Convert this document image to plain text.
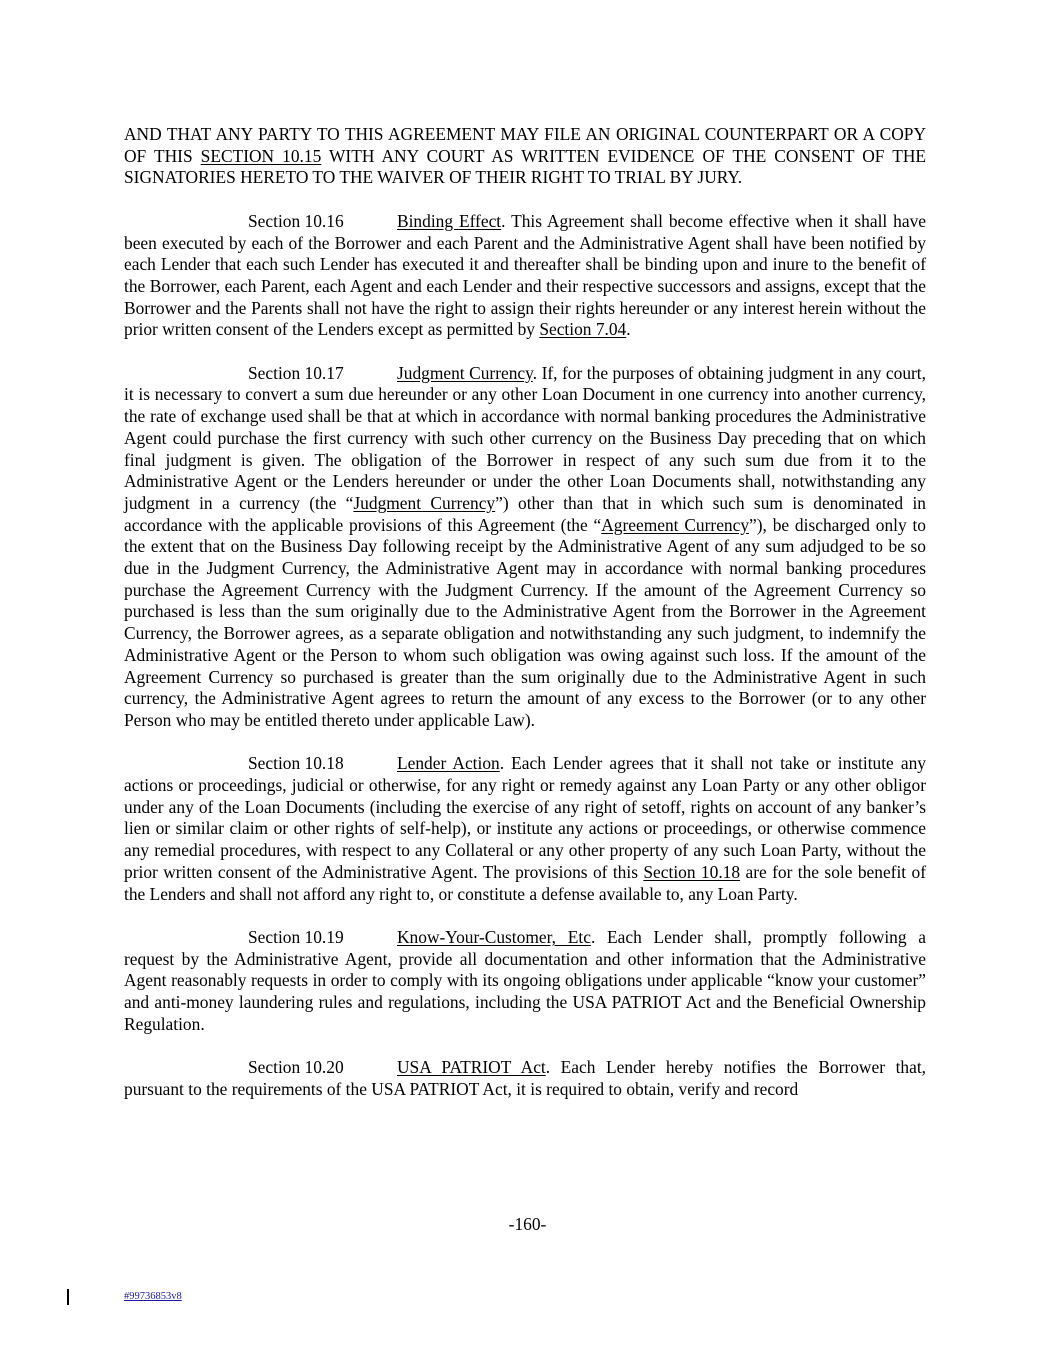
AND THAT ANY PARTY TO THIS AGREEMENT MAY FILE AN ORIGINAL COUNTERPART OR A COPY OF THIS SECTION 10.15 WITH ANY COURT AS WRITTEN EVIDENCE OF THE CONSENT OF THE SIGNATORIES HERETO TO THE WAIVER OF THEIR RIGHT TO TRIAL BY JURY.

Section 10.16	Binding Effect. This Agreement shall become effective when it shall have been executed by each of the Borrower and each Parent and the Administrative Agent shall have been notified by each Lender that each such Lender has executed it and thereafter shall be binding upon and inure to the benefit of the Borrower, each Parent, each Agent and each Lender and their respective successors and assigns, except that the Borrower and the Parents shall not have the right to assign their rights hereunder or any interest herein without the prior written consent of the Lenders except as permitted by Section 7.04.

Section 10.17	Judgment Currency. If, for the purposes of obtaining judgment in any court, it is necessary to convert a sum due hereunder or any other Loan Document in one currency into another currency, the rate of exchange used shall be that at which in accordance with normal banking procedures the Administrative Agent could purchase the first currency with such other currency on the Business Day preceding that on which final judgment is given. The obligation of the Borrower in respect of any such sum due from it to the Administrative Agent or the Lenders hereunder or under the other Loan Documents shall, notwithstanding any judgment in a currency (the “Judgment Currency”) other than that in which such sum is denominated in accordance with the applicable provisions of this Agreement (the “Agreement Currency”), be discharged only to the extent that on the Business Day following receipt by the Administrative Agent of any sum adjudged to be so due in the Judgment Currency, the Administrative Agent may in accordance with normal banking procedures purchase the Agreement Currency with the Judgment Currency. If the amount of the Agreement Currency so purchased is less than the sum originally due to the Administrative Agent from the Borrower in the Agreement Currency, the Borrower agrees, as a separate obligation and notwithstanding any such judgment, to indemnify the Administrative Agent or the Person to whom such obligation was owing against such loss. If the amount of the Agreement Currency so purchased is greater than the sum originally due to the Administrative Agent in such currency, the Administrative Agent agrees to return the amount of any excess to the Borrower (or to any other Person who may be entitled thereto under applicable Law).

Section 10.18	Lender Action. Each Lender agrees that it shall not take or institute any actions or proceedings, judicial or otherwise, for any right or remedy against any Loan Party or any other obligor under any of the Loan Documents (including the exercise of any right of setoff, rights on account of any banker’s lien or similar claim or other rights of self-help), or institute any actions or proceedings, or otherwise commence any remedial procedures, with respect to any Collateral or any other property of any such Loan Party, without the prior written consent of the Administrative Agent. The provisions of this Section 10.18 are for the sole benefit of the Lenders and shall not afford any right to, or constitute a defense available to, any Loan Party.

Section 10.19	Know-Your-Customer, Etc. Each Lender shall, promptly following a request by the Administrative Agent, provide all documentation and other information that the Administrative Agent reasonably requests in order to comply with its ongoing obligations under applicable “know your customer” and anti-money laundering rules and regulations, including the USA PATRIOT Act and the Beneficial Ownership Regulation.

Section 10.20	USA PATRIOT Act. Each Lender hereby notifies the Borrower that, pursuant to the requirements of the USA PATRIOT Act, it is required to obtain, verify and record

-160-
#99736853v8
